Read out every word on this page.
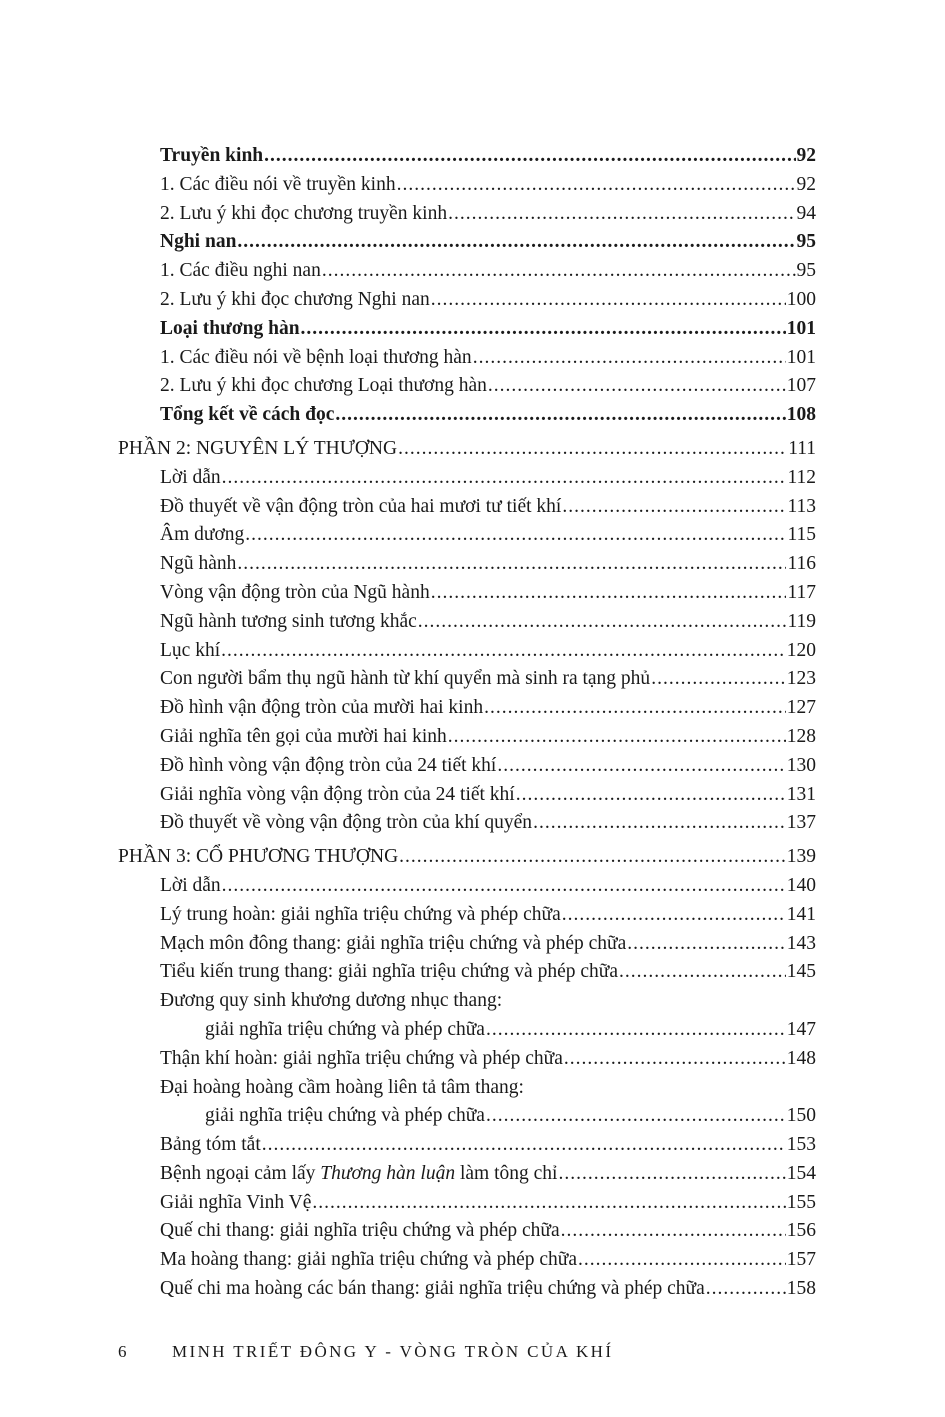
Truyền kinh .....	92
1. Các điều nói về truyền kinh .....	92
2. Lưu ý khi đọc chương truyền kinh .....	94
Nghi nan .....	95
1. Các điều nghi nan .....	95
2. Lưu ý khi đọc chương Nghi nan .....	100
Loại thương hàn .....	101
1. Các điều nói về bệnh loại thương hàn .....	101
2. Lưu ý khi đọc chương Loại thương hàn .....	107
Tổng kết về cách đọc .....	108
PHẦN 2: NGUYÊN LÝ THƯỢNG .....	111
Lời dẫn .....	112
Đồ thuyết về vận động tròn của hai mươi tư tiết khí .....	113
Âm dương .....	115
Ngũ hành .....	116
Vòng vận động tròn của Ngũ hành .....	117
Ngũ hành tương sinh tương khắc .....	119
Lục khí .....	120
Con người bẩm thụ ngũ hành từ khí quyển mà sinh ra tạng phủ .....	123
Đồ hình vận động tròn của mười hai kinh .....	127
Giải nghĩa tên gọi của mười hai kinh .....	128
Đồ hình vòng vận động tròn của 24 tiết khí .....	130
Giải nghĩa vòng vận động tròn của 24 tiết khí .....	131
Đồ thuyết về vòng vận động tròn của khí quyển .....	137
PHẦN 3: CỔ PHƯƠNG THƯỢNG .....	139
Lời dẫn .....	140
Lý trung hoàn: giải nghĩa triệu chứng và phép chữa .....	141
Mạch môn đông thang: giải nghĩa triệu chứng và phép chữa .....	143
Tiểu kiến trung thang: giải nghĩa triệu chứng và phép chữa .....	145
Đương quy sinh khương dương nhục thang:
giải nghĩa triệu chứng và phép chữa .....	147
Thận khí hoàn: giải nghĩa triệu chứng và phép chữa .....	148
Đại hoàng hoàng cầm hoàng liên tả tâm thang:
giải nghĩa triệu chứng và phép chữa .....	150
Bảng tóm tắt .....	153
Bệnh ngoại cảm lấy Thương hàn luận làm tông chỉ .....	154
Giải nghĩa Vinh Vệ .....	155
Quế chi thang: giải nghĩa triệu chứng và phép chữa .....	156
Ma hoàng thang: giải nghĩa triệu chứng và phép chữa .....	157
Quế chi ma hoàng các bán thang: giải nghĩa triệu chứng và phép chữa .....	158
6	MINH TRIẾT ĐÔNG Y - VÒNG TRÒN CỦA KHÍ
